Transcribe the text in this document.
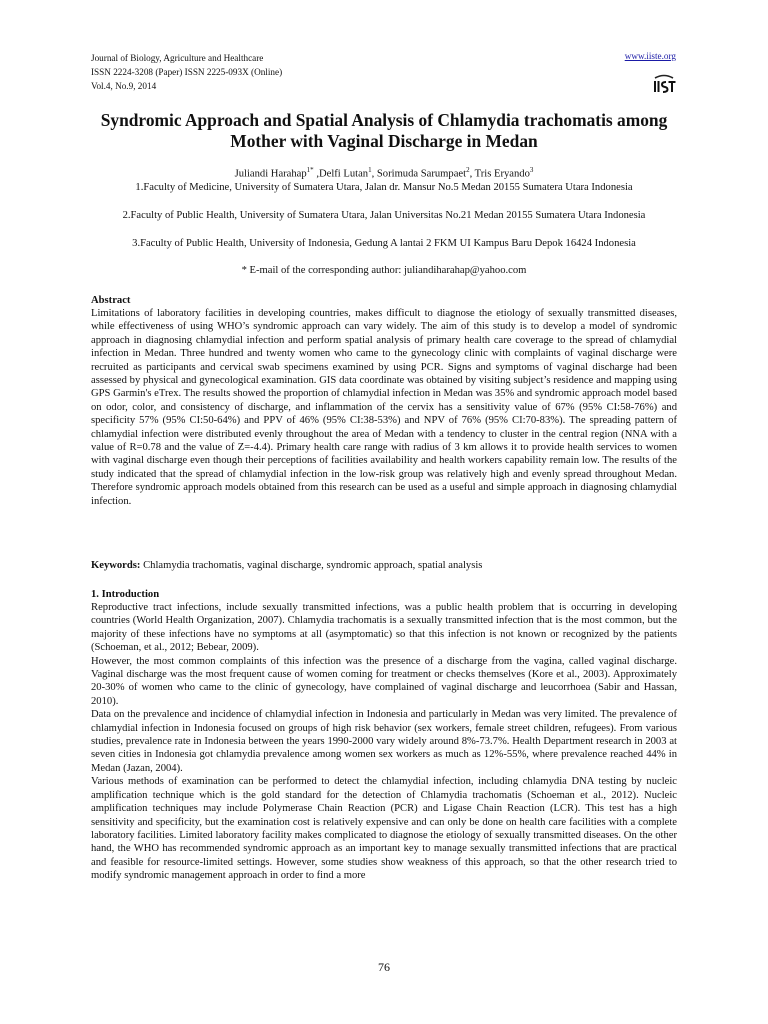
Journal of Biology, Agriculture and Healthcare
ISSN 2224-3208 (Paper) ISSN 2225-093X (Online)
Vol.4, No.9, 2014
www.iiste.org
Syndromic Approach and Spatial Analysis of Chlamydia trachomatis among Mother with Vaginal Discharge in Medan
Juliandi Harahap$^{1*}$ ,Delfi Lutan$^1$, Sorimuda Sarumpaet$^2$, Tris Eryando$^3$
1.Faculty of Medicine, University of Sumatera Utara, Jalan dr. Mansur No.5 Medan 20155 Sumatera Utara Indonesia
2.Faculty of Public Health, University of Sumatera Utara, Jalan Universitas No.21 Medan 20155 Sumatera Utara Indonesia
3.Faculty of Public Health, University of Indonesia, Gedung A lantai 2 FKM UI Kampus Baru Depok 16424 Indonesia
* E-mail of the corresponding author: juliandiharahap@yahoo.com
Abstract
Limitations of laboratory facilities in developing countries, makes difficult to diagnose the etiology of sexually transmitted diseases, while effectiveness of using WHO’s syndromic approach can vary widely. The aim of this study is to develop a model of syndromic approach in diagnosing chlamydial infection and perform spatial analysis of primary health care coverage to the spread of chlamydial infection in Medan. Three hundred and twenty women who came to the gynecology clinic with complaints of vaginal discharge were recruited as participants and cervical swab specimens examined by using PCR. Signs and symptoms of vaginal discharge had been assessed by physical and gynecological examination. GIS data coordinate was obtained by visiting subject’s residence and mapping using GPS Garmin's eTrex. The results showed the proportion of chlamydial infection in Medan was 35% and syndromic approach model based on odor, color, and consistency of discharge, and inflammation of the cervix has a sensitivity value of 67% (95% CI:58-76%) and specificity 57% (95% CI:50-64%) and PPV of 46% (95% CI:38-53%) and NPV of 76% (95% CI:70-83%). The spreading pattern of chlamydial infection were distributed evenly throughout the area of Medan with a tendency to cluster in the central region (NNA with a value of R=0.78 and the value of Z=-4.4). Primary health care range with radius of 3 km allows it to provide health services to women with vaginal discharge even though their perceptions of facilities availability and health workers capability remain low. The results of the study indicated that the spread of chlamydial infection in the low-risk group was relatively high and evenly spread throughout Medan. Therefore syndromic approach models obtained from this research can be used as a useful and simple approach in diagnosing chlamydial infection.
Keywords: Chlamydia trachomatis, vaginal discharge, syndromic approach, spatial analysis
1. Introduction

Reproductive tract infections, include sexually transmitted infections, was a public health problem that is occurring in developing countries (World Health Organization, 2007). Chlamydia trachomatis is a sexually transmitted infection that is the most common, but the majority of these infections have no symptoms at all (asymptomatic) so that this infection is not known or recognized by the patients (Schoeman, et al., 2012; Bebear, 2009).

However, the most common complaints of this infection was the presence of a discharge from the vagina, called vaginal discharge. Vaginal discharge was the most frequent cause of women coming for treatment or checks themselves (Kore et al., 2003). Approximately 20-30% of women who came to the clinic of gynecology, have complained of vaginal discharge and leucorrhoea (Sabir and Hassan, 2010).

Data on the prevalence and incidence of chlamydial infection in Indonesia and particularly in Medan was very limited. The prevalence of chlamydial infection in Indonesia focused on groups of high risk behavior (sex workers, female street children, refugees). From various studies, prevalence rate in Indonesia between the years 1990-2000 vary widely around 8%-73.7%. Health Department research in 2003 at seven cities in Indonesia got chlamydia prevalence among women sex workers as much as 12%-55%, where prevalence reached 44% in Medan (Jazan, 2004).

Various methods of examination can be performed to detect the chlamydial infection, including chlamydia DNA testing by nucleic amplification technique which is the gold standard for the detection of Chlamydia trachomatis (Schoeman et al., 2012). Nucleic amplification techniques may include Polymerase Chain Reaction (PCR) and Ligase Chain Reaction (LCR). This test has a high sensitivity and specificity, but the examination cost is relatively expensive and can only be done on health care facilities with a complete laboratory facilities. Limited laboratory facility makes complicated to diagnose the etiology of sexually transmitted diseases. On the other hand, the WHO has recommended syndromic approach as an important key to manage sexually transmitted infections that are practical and feasible for resource-limited settings. However, some studies show weakness of this approach, so that the other research tried to modify syndromic management approach in order to find a more

76
